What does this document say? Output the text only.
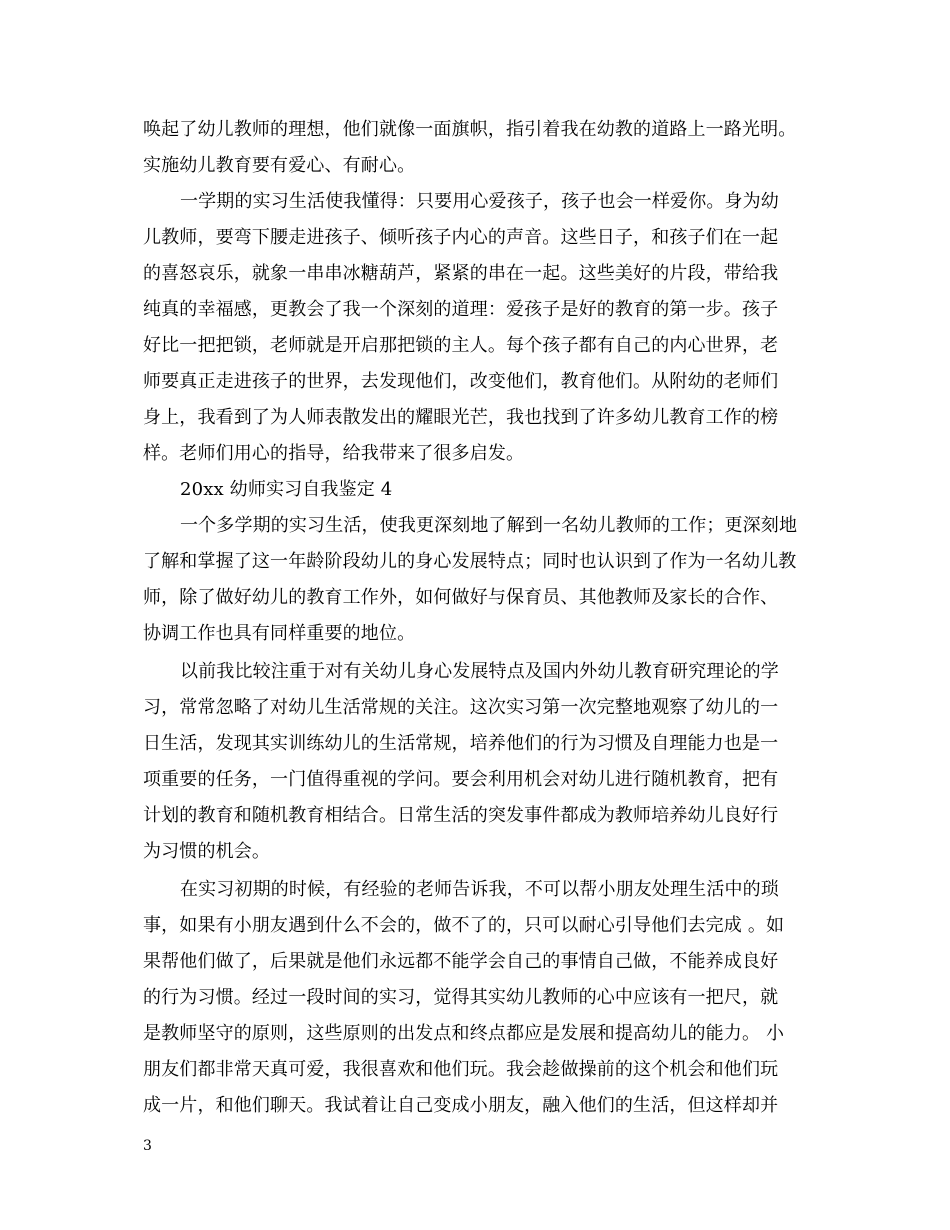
唤起了幼儿教师的理想，他们就像一面旗帜，指引着我在幼教的道路上一路光明。
实施幼儿教育要有爱心、有耐心。
一学期的实习生活使我懂得：只要用心爱孩子，孩子也会一样爱你。身为幼
儿教师，要弯下腰走进孩子、倾听孩子内心的声音。这些日子，和孩子们在一起
的喜怒哀乐，就象一串串冰糖葫芦，紧紧的串在一起。这些美好的片段，带给我
纯真的幸福感，更教会了我一个深刻的道理：爱孩子是好的教育的第一步。孩子
好比一把把锁，老师就是开启那把锁的主人。每个孩子都有自己的内心世界，老
师要真正走进孩子的世界，去发现他们，改变他们，教育他们。从附幼的老师们
身上，我看到了为人师表散发出的耀眼光芒，我也找到了许多幼儿教育工作的榜
样。老师们用心的指导，给我带来了很多启发。
20xx 幼师实习自我鉴定 4
一个多学期的实习生活，使我更深刻地了解到一名幼儿教师的工作；更深刻地
了解和掌握了这一年龄阶段幼儿的身心发展特点；同时也认识到了作为一名幼儿教
师，除了做好幼儿的教育工作外，如何做好与保育员、其他教师及家长的合作、
协调工作也具有同样重要的地位。
以前我比较注重于对有关幼儿身心发展特点及国内外幼儿教育研究理论的学
习，常常忽略了对幼儿生活常规的关注。这次实习第一次完整地观察了幼儿的一
日生活，发现其实训练幼儿的生活常规，培养他们的行为习惯及自理能力也是一
项重要的任务，一门值得重视的学问。要会利用机会对幼儿进行随机教育，把有
计划的教育和随机教育相结合。日常生活的突发事件都成为教师培养幼儿良好行
为习惯的机会。
在实习初期的时候，有经验的老师告诉我，不可以帮小朋友处理生活中的琐
事，如果有小朋友遇到什么不会的，做不了的，只可以耐心引导他们去完成 。如
果帮他们做了，后果就是他们永远都不能学会自己的事情自己做，不能养成良好
的行为习惯。经过一段时间的实习，觉得其实幼儿教师的心中应该有一把尺，就
是教师坚守的原则，这些原则的出发点和终点都应是发展和提高幼儿的能力。 小
朋友们都非常天真可爱，我很喜欢和他们玩。我会趁做操前的这个机会和他们玩
成一片，和他们聊天。我试着让自己变成小朋友，融入他们的生活，但这样却并
3
